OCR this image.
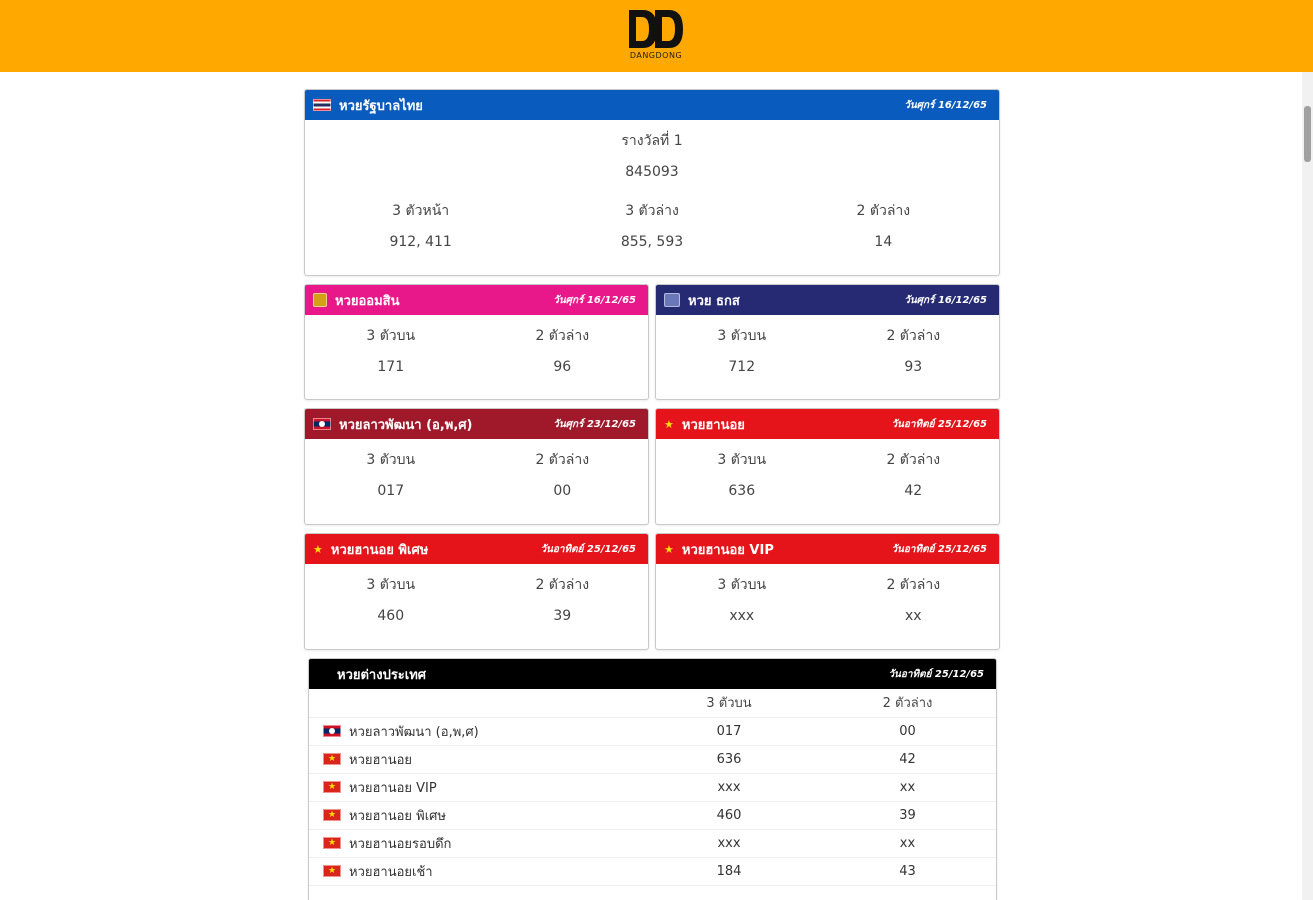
DANGDONG
หวยรัฐบาลไทย	วันศุกร์ 16/12/65
รางวัลที่ 1
845093
3 ตัวหน้า	3 ตัวล่าง	2 ตัวล่าง
912, 411	855, 593	14
หวยออมสิน	วันศุกร์ 16/12/65
3 ตัวบน	2 ตัวล่าง
171	96
หวย ธกส	วันศุกร์ 16/12/65
3 ตัวบน	2 ตัวล่าง
712	93
หวยลาวพัฒนา (อ,พ,ศ)	วันศุกร์ 23/12/65
3 ตัวบน	2 ตัวล่าง
017	00
★ หวยฮานอย	วันอาทิตย์ 25/12/65
3 ตัวบน	2 ตัวล่าง
636	42
★ หวยฮานอย พิเศษ	วันอาทิตย์ 25/12/65
3 ตัวบน	2 ตัวล่าง
460	39
★ หวยฮานอย VIP	วันอาทิตย์ 25/12/65
3 ตัวบน	2 ตัวล่าง
xxx	xx
หวยต่างประเทศ	วันอาทิตย์ 25/12/65
	3 ตัวบน	2 ตัวล่าง

หวยลาวพัฒนา (อ,พ,ศ)	017	00

★ หวยฮานอย	636	42

★ หวยฮานอย VIP	xxx	xx

★ หวยฮานอย พิเศษ	460	39

★ หวยฮานอยรอบดึก	xxx	xx

★ หวยฮานอยเช้า	184	43
